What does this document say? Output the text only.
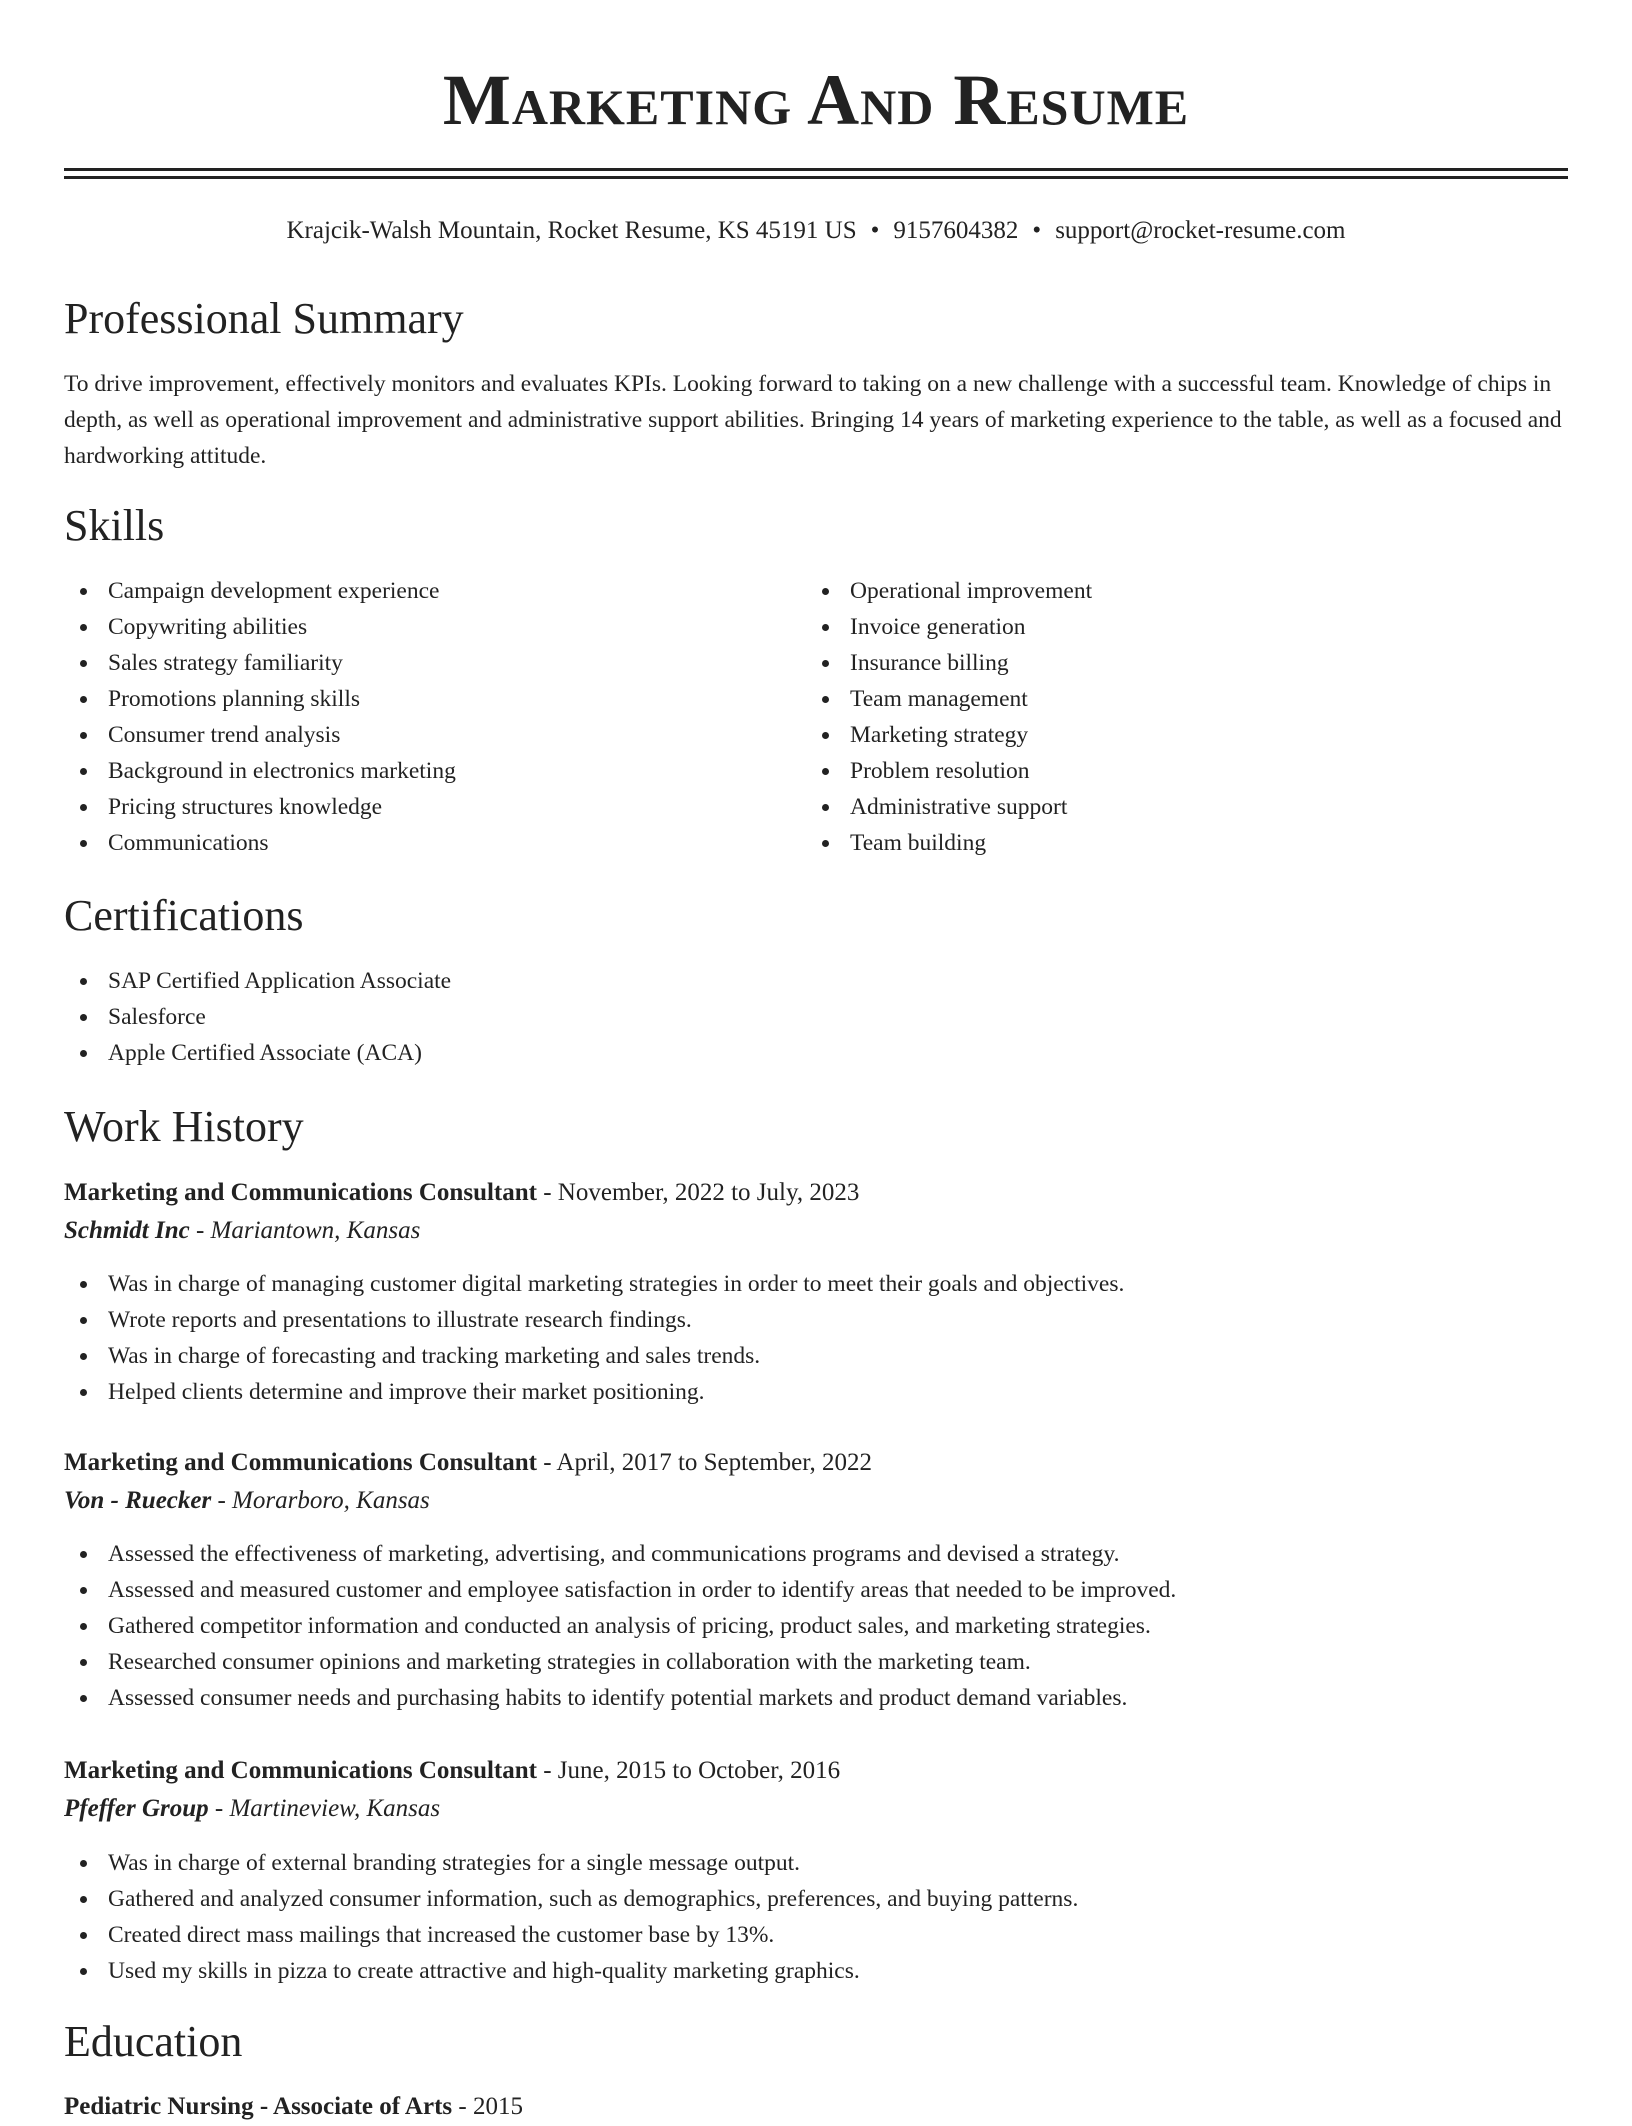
Marketing And Resume
Krajcik-Walsh Mountain, Rocket Resume, KS 45191 US • 9157604382 • support@rocket-resume.com
Professional Summary

To drive improvement, effectively monitors and evaluates KPIs. Looking forward to taking on a new challenge with a successful team. Knowledge of chips in depth, as well as operational improvement and administrative support abilities. Bringing 14 years of marketing experience to the table, as well as a focused and hardworking attitude.

Skills
Campaign development experience
Copywriting abilities
Sales strategy familiarity
Promotions planning skills
Consumer trend analysis
Background in electronics marketing
Pricing structures knowledge
Communications
Operational improvement
Invoice generation
Insurance billing
Team management
Marketing strategy
Problem resolution
Administrative support
Team building
Certifications
SAP Certified Application Associate
Salesforce
Apple Certified Associate (ACA)
Work History
Marketing and Communications Consultant - November, 2022 to July, 2023
Schmidt Inc - Mariantown, Kansas
Was in charge of managing customer digital marketing strategies in order to meet their goals and objectives.
Wrote reports and presentations to illustrate research findings.
Was in charge of forecasting and tracking marketing and sales trends.
Helped clients determine and improve their market positioning.
Marketing and Communications Consultant - April, 2017 to September, 2022
Von - Ruecker - Morarboro, Kansas
Assessed the effectiveness of marketing, advertising, and communications programs and devised a strategy.
Assessed and measured customer and employee satisfaction in order to identify areas that needed to be improved.
Gathered competitor information and conducted an analysis of pricing, product sales, and marketing strategies.
Researched consumer opinions and marketing strategies in collaboration with the marketing team.
Assessed consumer needs and purchasing habits to identify potential markets and product demand variables.
Marketing and Communications Consultant - June, 2015 to October, 2016
Pfeffer Group - Martineview, Kansas
Was in charge of external branding strategies for a single message output.
Gathered and analyzed consumer information, such as demographics, preferences, and buying patterns.
Created direct mass mailings that increased the customer base by 13%.
Used my skills in pizza to create attractive and high-quality marketing graphics.
Education
Pediatric Nursing - Associate of Arts - 2015
